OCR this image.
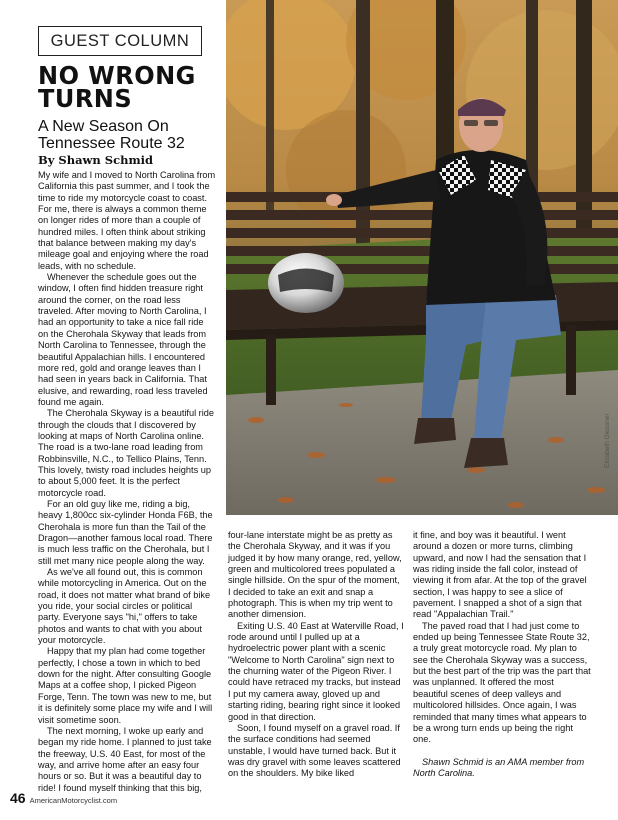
GUEST COLUMN
NO WRONG
TURNS
A New Season On
Tennessee Route 32
By Shawn Schmid
Elizabeth Glessner

My wife and I moved to North Carolina from California this past summer, and I took the time to ride my motorcycle coast to coast. For me, there is always a common theme on longer rides of more than a couple of hundred miles. I often think about striking that balance between making my day's mileage goal and enjoying where the road leads, with no schedule.

Whenever the schedule goes out the window, I often find hidden treasure right around the corner, on the road less traveled. After moving to North Carolina, I had an opportunity to take a nice fall ride on the Cherohala Skyway that leads from North Carolina to Tennessee, through the beautiful Appalachian hills. I encountered more red, gold and orange leaves than I had seen in years back in California. That elusive, and rewarding, road less traveled found me again.

The Cherohala Skyway is a beautiful ride through the clouds that I discovered by looking at maps of North Carolina online. The road is a two-lane road leading from Robbinsville, N.C., to Tellico Plains, Tenn. This lovely, twisty road includes heights up to about 5,000 feet. It is the perfect motorcycle road.

For an old guy like me, riding a big, heavy 1,800cc six-cylinder Honda F6B, the Cherohala is more fun than the Tail of the Dragon—another famous local road. There is much less traffic on the Cherohala, but I still met many nice people along the way.

As we've all found out, this is common while motorcycling in America. Out on the road, it does not matter what brand of bike you ride, your social circles or political party. Everyone says "hi," offers to take photos and wants to chat with you about your motorcycle.

Happy that my plan had come together perfectly, I chose a town in which to bed down for the night. After consulting Google Maps at a coffee shop, I picked Pigeon Forge, Tenn. The town was new to me, but it is definitely some place my wife and I will visit sometime soon.

The next morning, I woke up early and began my ride home. I planned to just take the freeway, U.S. 40 East, for most of the way, and arrive home after an easy four hours or so. But it was a beautiful day to ride! I found myself thinking that this big,

four-lane interstate might be as pretty as the Cherohala Skyway, and it was if you judged it by how many orange, red, yellow, green and multicolored trees populated a single hillside. On the spur of the moment, I decided to take an exit and snap a photograph. This is when my trip went to another dimension.

Exiting U.S. 40 East at Waterville Road, I rode around until I pulled up at a hydroelectric power plant with a scenic "Welcome to North Carolina" sign next to the churning water of the Pigeon River. I could have retraced my tracks, but instead I put my camera away, gloved up and starting riding, bearing right since it looked good in that direction.

Soon, I found myself on a gravel road. If the surface conditions had seemed unstable, I would have turned back. But it was dry gravel with some leaves scattered on the shoulders. My bike liked

it fine, and boy was it beautiful. I went around a dozen or more turns, climbing upward, and now I had the sensation that I was riding inside the fall color, instead of viewing it from afar. At the top of the gravel section, I was happy to see a slice of pavement. I snapped a shot of a sign that read "Appalachian Trail."

The paved road that I had just come to ended up being Tennessee State Route 32, a truly great motorcycle road. My plan to see the Cherohala Skyway was a success, but the best part of the trip was the part that was unplanned. It offered the most beautiful scenes of deep valleys and multicolored hillsides. Once again, I was reminded that many times what appears to be a wrong turn ends up being the right one.

Shawn Schmid is an AMA member from North Carolina.

46 AmericanMotorcyclist.com
